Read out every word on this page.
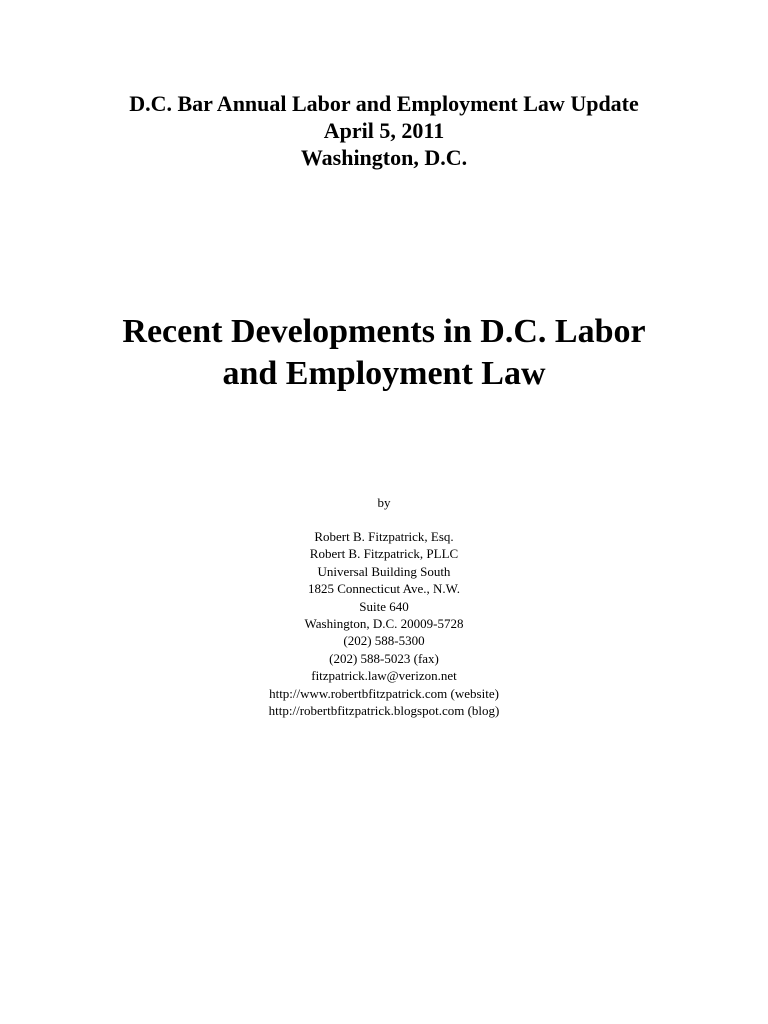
D.C. Bar Annual Labor and Employment Law Update
April 5, 2011
Washington, D.C.
Recent Developments in D.C. Labor
and Employment Law
by
Robert B. Fitzpatrick, Esq.
Robert B. Fitzpatrick, PLLC
Universal Building South
1825 Connecticut Ave., N.W.
Suite 640
Washington, D.C. 20009-5728
(202) 588-5300
(202) 588-5023 (fax)
fitzpatrick.law@verizon.net
http://www.robertbfitzpatrick.com (website)
http://robertbfitzpatrick.blogspot.com (blog)
